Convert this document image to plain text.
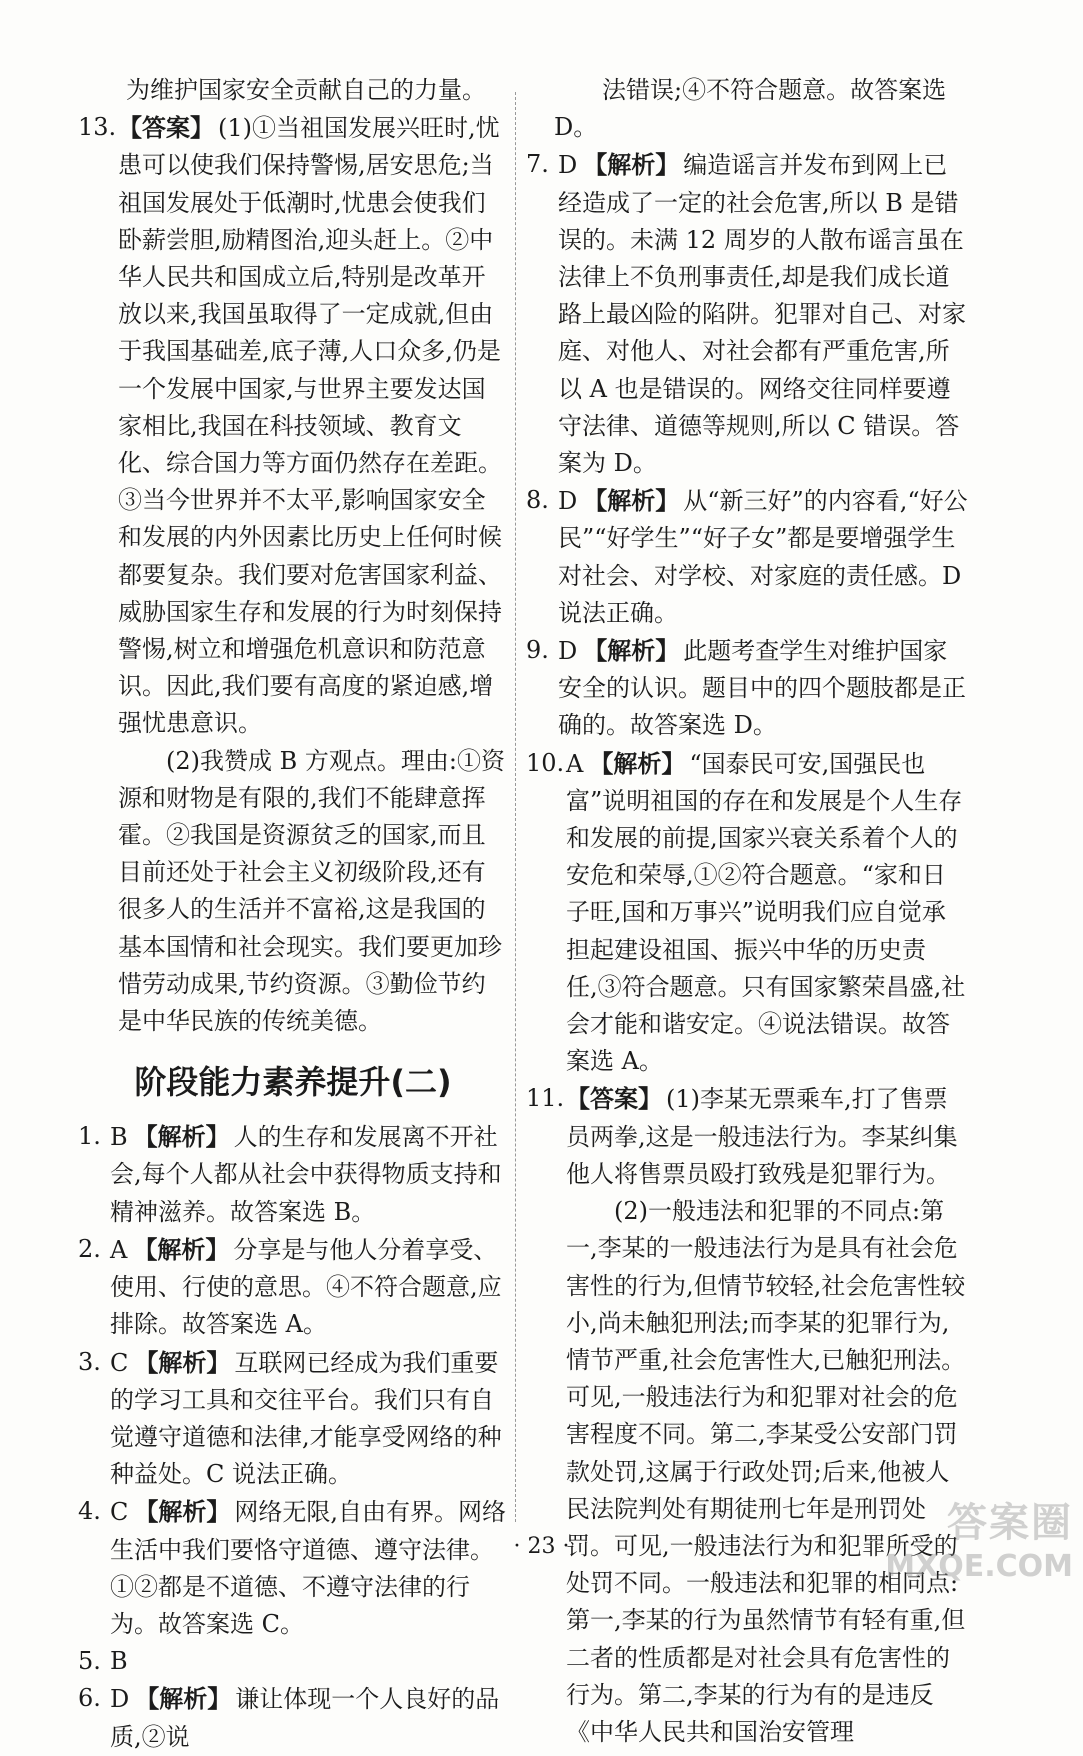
为维护国家安全贡献自己的力量。

13. 【答案】 (1)①当祖国发展兴旺时,忧患可以使我们保持警惕,居安思危;当祖国发展处于低潮时,忧患会使我们卧薪尝胆,励精图治,迎头赶上。②中华人民共和国成立后,特别是改革开放以来,我国虽取得了一定成就,但由于我国基础差,底子薄,人口众多,仍是一个发展中国家,与世界主要发达国家相比,我国在科技领域、教育文化、综合国力等方面仍然存在差距。③当今世界并不太平,影响国家安全和发展的内外因素比历史上任何时候都要复杂。我们要对危害国家利益、威胁国家生存和发展的行为时刻保持警惕,树立和增强危机意识和防范意识。因此,我们要有高度的紧迫感,增强忧患意识。

(2)我赞成 B 方观点。理由:①资源和财物是有限的,我们不能肆意挥霍。②我国是资源贫乏的国家,而且目前还处于社会主义初级阶段,还有很多人的生活并不富裕,这是我国的基本国情和社会现实。我们要更加珍惜劳动成果,节约资源。③勤俭节约是中华民族的传统美德。

阶段能力素养提升(二)
1. B 【解析】 人的生存和发展离不开社会,每个人都从社会中获得物质支持和精神滋养。故答案选 B。
2. A 【解析】 分享是与他人分着享受、使用、行使的意思。④不符合题意,应排除。故答案选 A。
3. C 【解析】 互联网已经成为我们重要的学习工具和交往平台。我们只有自觉遵守道德和法律,才能享受网络的种种益处。C 说法正确。
4. C 【解析】 网络无限,自由有界。网络生活中我们要恪守道德、遵守法律。①②都是不道德、不遵守法律的行为。故答案选 C。
5. B
6. D 【解析】 谦让体现一个人良好的品质,②说

法错误;④不符合题意。故答案选 D。

7. D 【解析】 编造谣言并发布到网上已经造成了一定的社会危害,所以 B 是错误的。未满 12 周岁的人散布谣言虽在法律上不负刑事责任,却是我们成长道路上最凶险的陷阱。犯罪对自己、对家庭、对他人、对社会都有严重危害,所以 A 也是错误的。网络交往同样要遵守法律、道德等规则,所以 C 错误。答案为 D。
8. D 【解析】 从“新三好”的内容看,“好公民”“好学生”“好子女”都是要增强学生对社会、对学校、对家庭的责任感。D 说法正确。
9. D 【解析】 此题考查学生对维护国家安全的认识。题目中的四个题肢都是正确的。故答案选 D。
10. A 【解析】 “国泰民可安,国强民也富”说明祖国的存在和发展是个人生存和发展的前提,国家兴衰关系着个人的安危和荣辱,①②符合题意。“家和日子旺,国和万事兴”说明我们应自觉承担起建设祖国、振兴中华的历史责任,③符合题意。只有国家繁荣昌盛,社会才能和谐安定。④说法错误。故答案选 A。
11. 【答案】 (1)李某无票乘车,打了售票员两拳,这是一般违法行为。李某纠集他人将售票员殴打致残是犯罪行为。

(2)一般违法和犯罪的不同点:第一,李某的一般违法行为是具有社会危害性的行为,但情节较轻,社会危害性较小,尚未触犯刑法;而李某的犯罪行为,情节严重,社会危害性大,已触犯刑法。可见,一般违法行为和犯罪对社会的危害程度不同。第二,李某受公安部门罚款处罚,这属于行政处罚;后来,他被人民法院判处有期徒刑七年是刑罚处罚。可见,一般违法行为和犯罪所受的处罚不同。一般违法和犯罪的相同点:第一,李某的行为虽然情节有轻有重,但二者的性质都是对社会具有危害性的行为。第二,李某的行为有的是违反《中华人民共和国治安管理

· 23 ·
答案圈
MXQE.COM
